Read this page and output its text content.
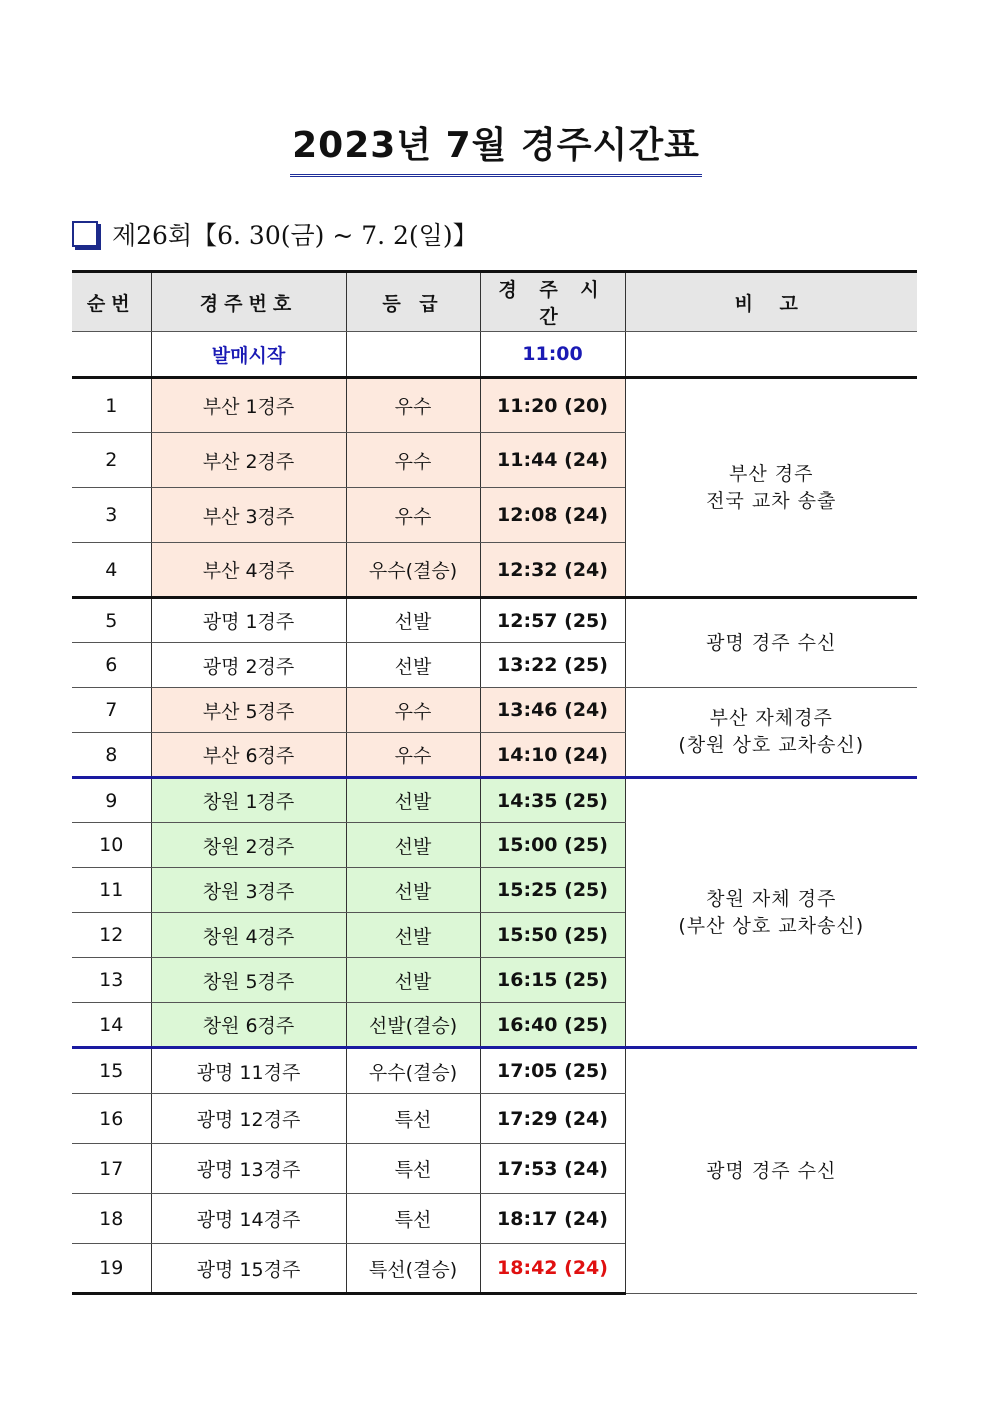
2023년 7월 경주시간표
제26회【6. 30(금) ~ 7. 2(일)】
순번	경주번호	등 급	경 주 시 간	비 고
	발매시작		11:00	
1	부산 1경주	우수	11:20 (20)	부산 경주
전국 교차 송출

2	부산 2경주	우수	11:44 (24)	
3	부산 3경주	우수	12:08 (24)	
4	부산 4경주	우수(결승)	12:32 (24)	
5	광명 1경주	선발	12:57 (25)	광명 경주 수신

6	광명 2경주	선발	13:22 (25)	
7	부산 5경주	우수	13:46 (24)	부산 자체경주
(창원 상호 교차송신)

8	부산 6경주	우수	14:10 (24)	
9	창원 1경주	선발	14:35 (25)	창원 자체 경주
(부산 상호 교차송신)

10	창원 2경주	선발	15:00 (25)	
11	창원 3경주	선발	15:25 (25)	
12	창원 4경주	선발	15:50 (25)	
13	창원 5경주	선발	16:15 (25)	
14	창원 6경주	선발(결승)	16:40 (25)	
15	광명 11경주	우수(결승)	17:05 (25)	광명 경주 수신

16	광명 12경주	특선	17:29 (24)	
17	광명 13경주	특선	17:53 (24)	
18	광명 14경주	특선	18:17 (24)	
19	광명 15경주	특선(결승)	18:42 (24)	
